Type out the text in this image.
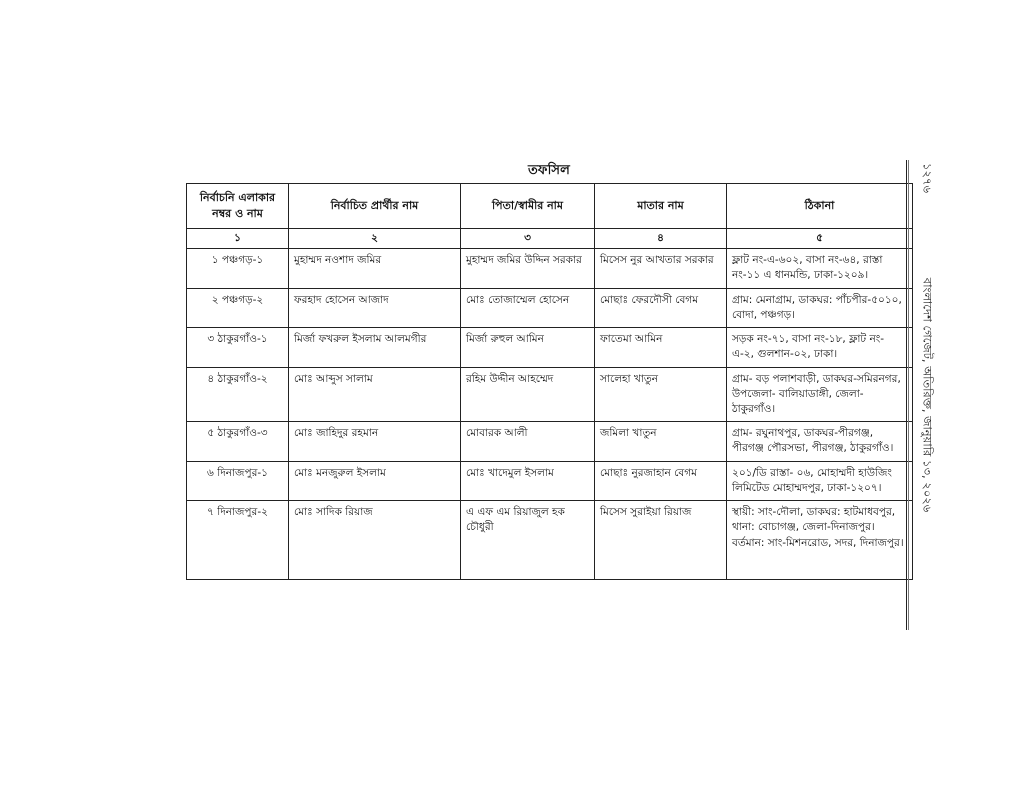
তফসিল
নির্বাচনি এলাকার নম্বর ও নাম	নির্বাচিত প্রার্থীর নাম	পিতা/স্বামীর নাম	মাতার নাম	ঠিকানা
১	২	৩	৪	৫
১ পঞ্চগড়-১	মুহাম্মদ নওশাদ জমির	মুহাম্মদ জমির উদ্দিন সরকার	মিসেস নুর আখতার সরকার	ফ্লাট নং-এ-৬০২, বাসা নং-৬৪, রাস্তা নং-১১ এ ধানমন্ডি, ঢাকা-১২০৯।
২ পঞ্চগড়-২	ফরহাদ হোসেন আজাদ	মোঃ তোজাম্মেল হোসেন	মোছাঃ ফেরদৌসী বেগম	গ্রাম: মেনাগ্রাম, ডাকঘর: পাঁচপীর-৫০১০, বোদা, পঞ্চগড়।
৩ ঠাকুরগাঁও-১	মির্জা ফখরুল ইসলাম আলমগীর	মির্জা রুহুল আমিন	ফাতেমা আমিন	সড়ক নং-৭১, বাসা নং-১৮, ফ্লাট নং- এ-২, গুলশান-০২, ঢাকা।
৪ ঠাকুরগাঁও-২	মোঃ আব্দুস সালাম	রহিম উদ্দীন আহম্মেদ	সালেহা খাতুন	গ্রাম- বড় পলাশবাড়ী, ডাকঘর-সমিরনগর, উপজেলা- বালিয়াডাঙ্গী, জেলা- ঠাকুরগাঁও।
৫ ঠাকুরগাঁও-৩	মোঃ জাহিদুর রহমান	মোবারক আলী	জমিলা খাতুন	গ্রাম- রঘুনাথপুর, ডাকঘর-পীরগঞ্জ, পীরগঞ্জ পৌরসভা, পীরগঞ্জ, ঠাকুরগাঁও।
৬ দিনাজপুর-১	মোঃ মনজুরুল ইসলাম	মোঃ খাদেমুল ইসলাম	মোছাঃ নুরজাহান বেগম	২০১/ডি রাস্তা- ০৬, মোহাম্মদী হাউজিং লিমিটেড মোহাম্মদপুর, ঢাকা-১২০৭।
৭ দিনাজপুর-২	মোঃ সাদিক রিয়াজ	এ এফ এম রিয়াজুল হক চৌধুরী	মিসেস সুরাইয়া রিয়াজ	স্থায়ী: সাং-দৌলা, ডাকঘর: হাটমাধবপুর, থানা: বোচাগঞ্জ, জেলা-দিনাজপুর। বর্তমান: সাং-মিশনরোড, সদর, দিনাজপুর।
১২৭৬
বাংলাদেশ গেজেট, অতিরিক্ত, জানুয়ারি ১৩, ২০২৬
